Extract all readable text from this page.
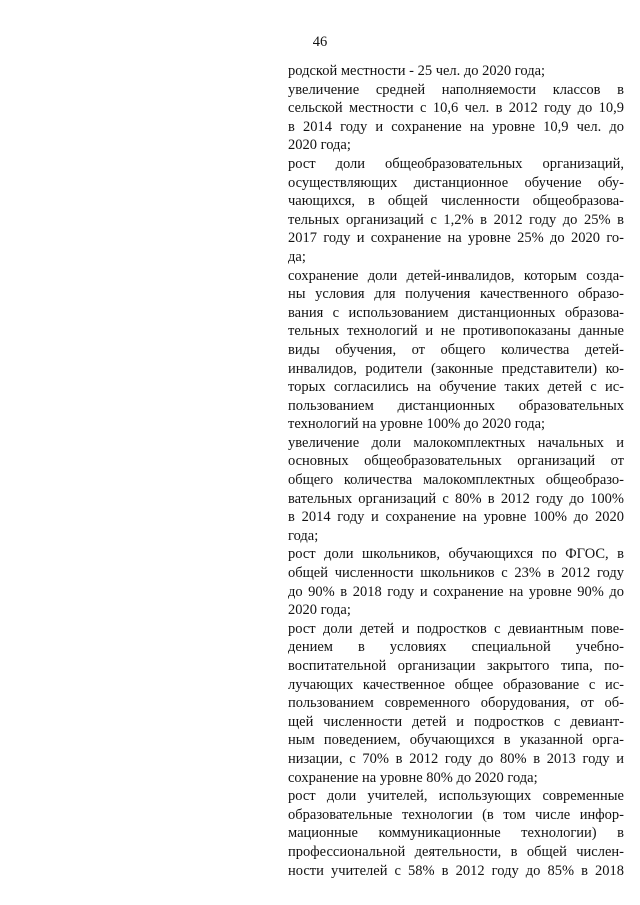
46
родской местности - 25 чел. до 2020 года;
увеличение средней наполняемости классов в
сельской местности с 10,6 чел. в 2012 году до 10,9
в 2014 году и сохранение на уровне 10,9 чел. до
2020 года;
рост доли общеобразовательных организаций,
осуществляющих дистанционное обучение обу-
чающихся, в общей численности общеобразова-
тельных организаций с 1,2% в 2012 году до 25% в
2017 году и сохранение на уровне 25% до 2020 го-
да;
сохранение доли детей-инвалидов, которым созда-
ны условия для получения качественного образо-
вания с использованием дистанционных образова-
тельных технологий и не противопоказаны данные
виды обучения, от общего количества детей-
инвалидов, родители (законные представители) ко-
торых согласились на обучение таких детей с ис-
пользованием дистанционных образовательных
технологий на уровне 100% до 2020 года;
увеличение доли малокомплектных начальных и
основных общеобразовательных организаций от
общего количества малокомплектных общеобразо-
вательных организаций с 80% в 2012 году до 100%
в 2014 году и сохранение на уровне 100% до 2020
года;
рост доли школьников, обучающихся по ФГОС, в
общей численности школьников с 23% в 2012 году
до 90% в 2018 году и сохранение на уровне 90% до
2020 года;
рост доли детей и подростков с девиантным пове-
дением в условиях специальной учебно-
воспитательной организации закрытого типа, по-
лучающих качественное общее образование с ис-
пользованием современного оборудования, от об-
щей численности детей и подростков с девиант-
ным поведением, обучающихся в указанной орга-
низации, с 70% в 2012 году до 80% в 2013 году и
сохранение на уровне 80% до 2020 года;
рост доли учителей, использующих современные
образовательные технологии (в том числе инфор-
мационные коммуникационные технологии) в
профессиональной деятельности, в общей числен-
ности учителей с 58% в 2012 году до 85% в 2018
